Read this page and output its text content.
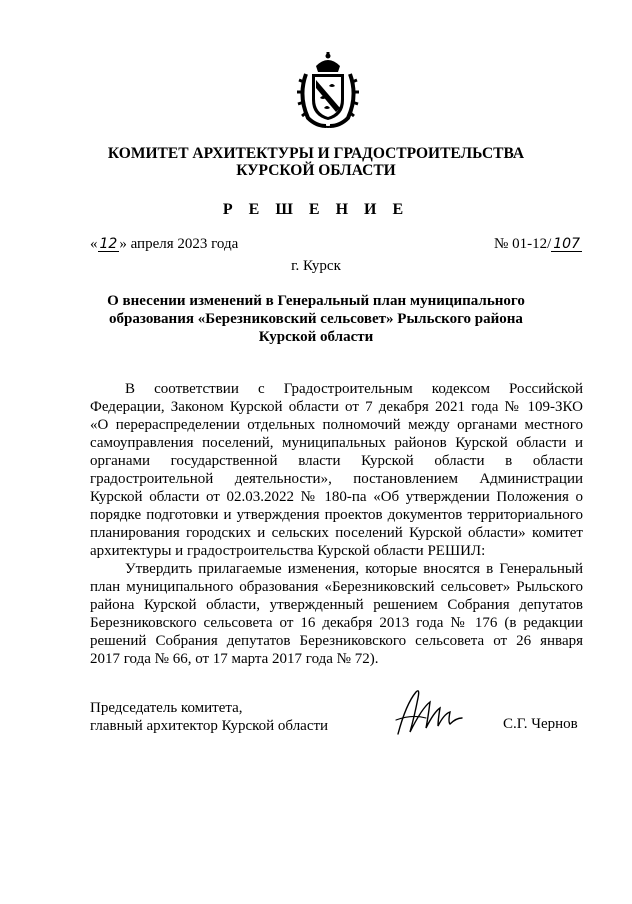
КОМИТЕТ АРХИТЕКТУРЫ И ГРАДОСТРОИТЕЛЬСТВА
КУРСКОЙ ОБЛАСТИ
Р Е Ш Е Н И Е
« 12 » апреля 2023 года	№ 01-12/ 107
г. Курск
О внесении изменений в Генеральный план муниципального
образования «Березниковский сельсовет» Рыльского района
Курской области
В соответствии с Градостроительным кодексом Российской
Федерации, Законом Курской области от 7 декабря 2021 года № 109-ЗКО
«О перераспределении отдельных полномочий между органами местного
самоуправления поселений, муниципальных районов Курской области и
органами государственной власти Курской области в области
градостроительной деятельности», постановлением Администрации
Курской области от 02.03.2022 № 180-па «Об утверждении Положения о
порядке подготовки и утверждения проектов документов территориального
планирования городских и сельских поселений Курской области» комитет
архитектуры и градостроительства Курской области РЕШИЛ:
Утвердить прилагаемые изменения, которые вносятся в Генеральный
план муниципального образования «Березниковский сельсовет» Рыльского
района Курской области, утвержденный решением Собрания депутатов
Березниковского сельсовета от 16 декабря 2013 года № 176 (в редакции
решений Собрания депутатов Березниковского сельсовета от 26 января
2017 года № 66, от 17 марта 2017 года № 72).
Председатель комитета,
главный архитектор Курской области	С.Г. Чернов
